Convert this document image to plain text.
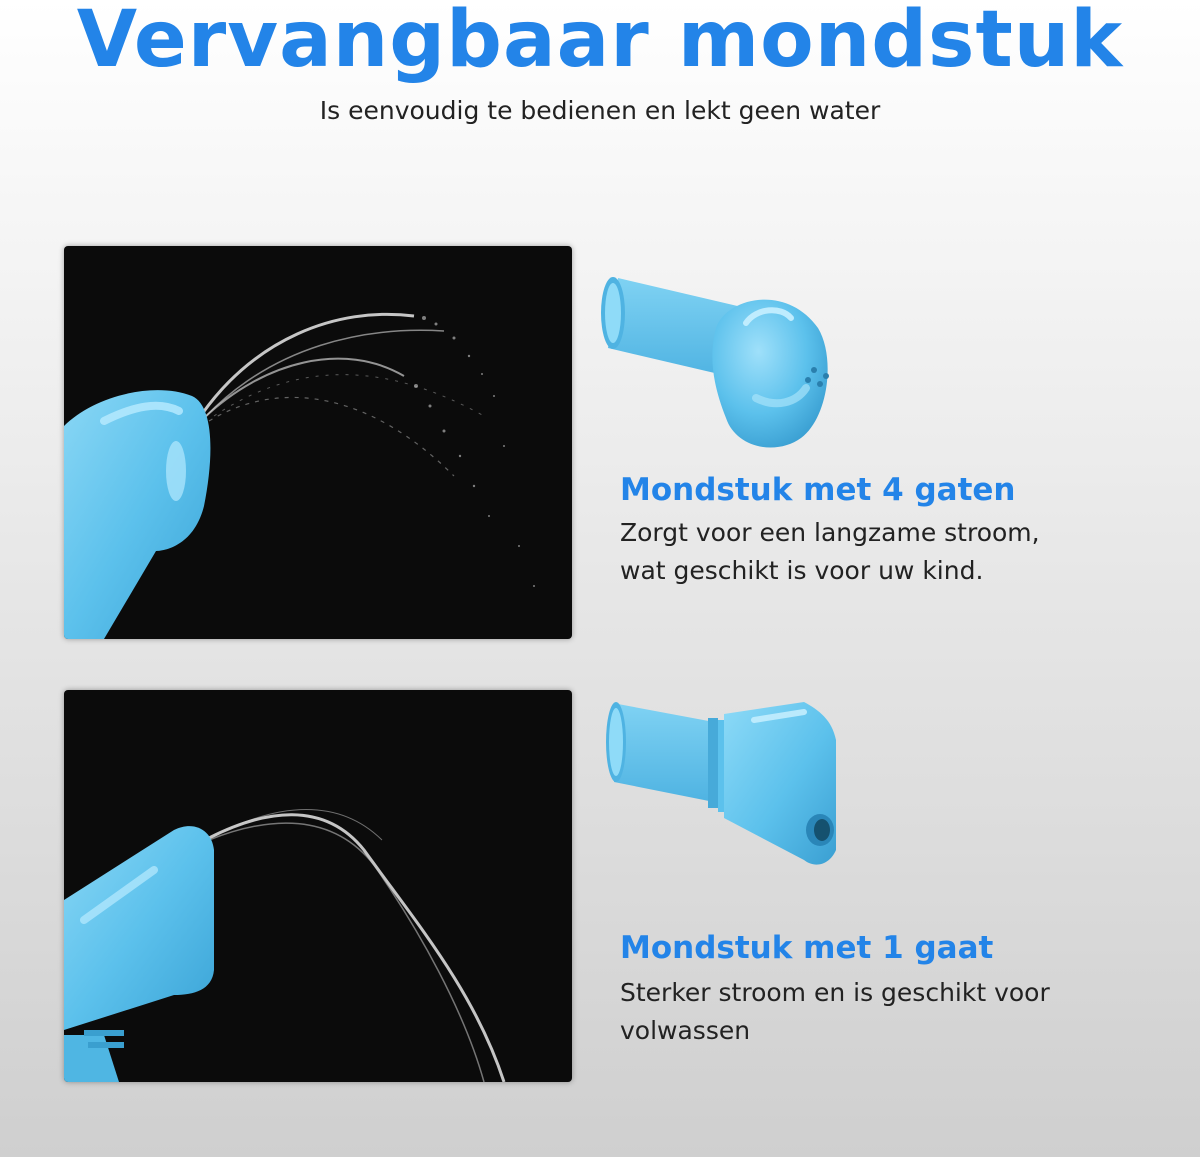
Vervangbaar mondstuk
Is eenvoudig te bedienen en lekt geen water
Mondstuk met 4 gaten
Zorgt voor een langzame stroom,
wat geschikt is voor uw kind.
Mondstuk met 1 gaat
Sterker stroom en is geschikt voor
volwassen
